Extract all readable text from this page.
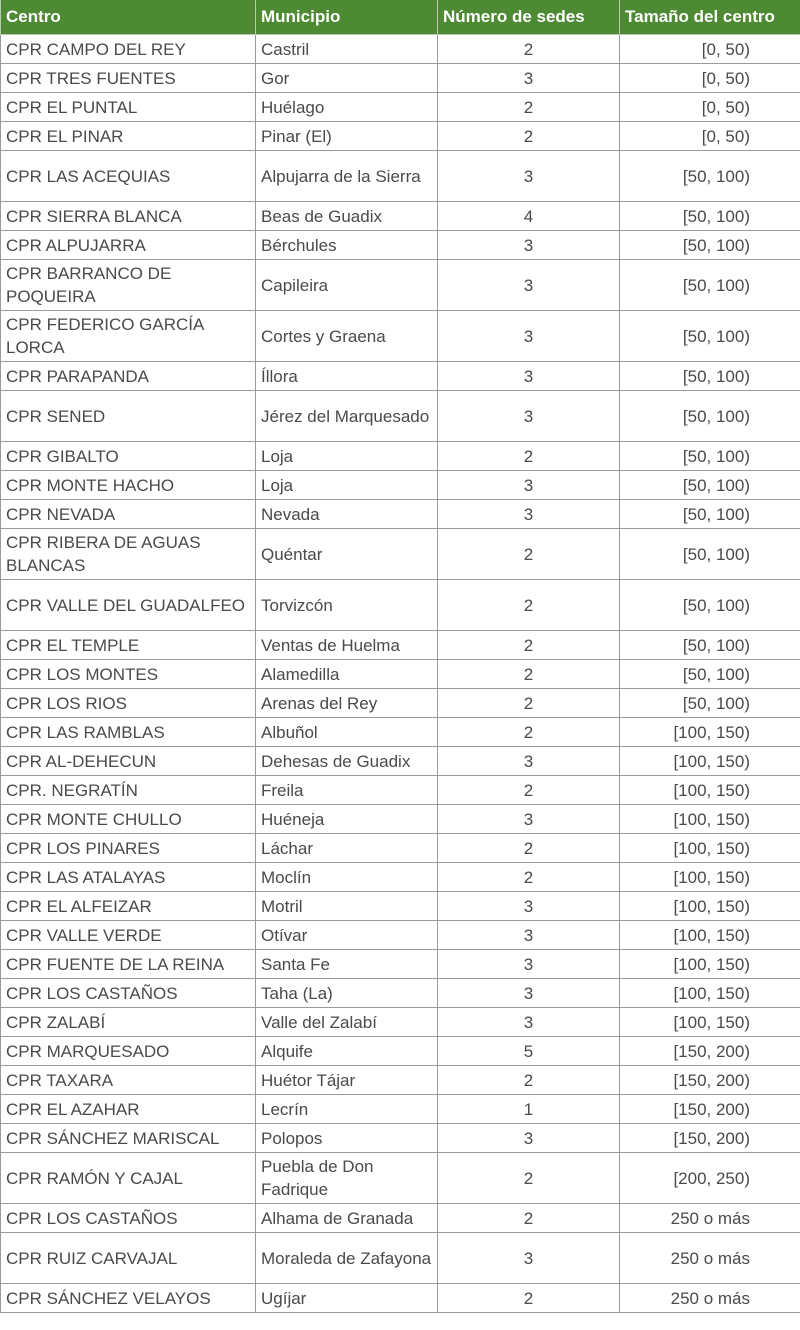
Centro	Municipio	Número de sedes	Tamaño del centro
CPR CAMPO DEL REY	Castril	2	[0, 50)
CPR TRES FUENTES	Gor	3	[0, 50)
CPR EL PUNTAL	Huélago	2	[0, 50)
CPR EL PINAR	Pinar (El)	2	[0, 50)
CPR LAS ACEQUIAS	Alpujarra de la Sierra	3	[50, 100)
CPR SIERRA BLANCA	Beas de Guadix	4	[50, 100)
CPR ALPUJARRA	Bérchules	3	[50, 100)
CPR BARRANCO DE POQUEIRA	Capileira	3	[50, 100)
CPR FEDERICO GARCÍA LORCA	Cortes y Graena	3	[50, 100)
CPR PARAPANDA	Íllora	3	[50, 100)
CPR SENED	Jérez del Marquesado	3	[50, 100)
CPR GIBALTO	Loja	2	[50, 100)
CPR MONTE HACHO	Loja	3	[50, 100)
CPR NEVADA	Nevada	3	[50, 100)
CPR RIBERA DE AGUAS BLANCAS	Quéntar	2	[50, 100)
CPR VALLE DEL GUADALFEO	Torvizcón	2	[50, 100)
CPR EL TEMPLE	Ventas de Huelma	2	[50, 100)
CPR LOS MONTES	Alamedilla	2	[50, 100)
CPR LOS RIOS	Arenas del Rey	2	[50, 100)
CPR LAS RAMBLAS	Albuñol	2	[100, 150)
CPR AL-DEHECUN	Dehesas de Guadix	3	[100, 150)
CPR. NEGRATÍN	Freila	2	[100, 150)
CPR MONTE CHULLO	Huéneja	3	[100, 150)
CPR LOS PINARES	Láchar	2	[100, 150)
CPR LAS ATALAYAS	Moclín	2	[100, 150)
CPR EL ALFEIZAR	Motril	3	[100, 150)
CPR VALLE VERDE	Otívar	3	[100, 150)
CPR FUENTE DE LA REINA	Santa Fe	3	[100, 150)
CPR LOS CASTAÑOS	Taha (La)	3	[100, 150)
CPR ZALABÍ	Valle del Zalabí	3	[100, 150)
CPR MARQUESADO	Alquife	5	[150, 200)
CPR TAXARA	Huétor Tájar	2	[150, 200)
CPR EL AZAHAR	Lecrín	1	[150, 200)
CPR SÁNCHEZ MARISCAL	Polopos	3	[150, 200)
CPR RAMÓN Y CAJAL	Puebla de Don Fadrique	2	[200, 250)
CPR LOS CASTAÑOS	Alhama de Granada	2	250 o más
CPR RUIZ CARVAJAL	Moraleda de Zafayona	3	250 o más
CPR SÁNCHEZ VELAYOS	Ugíjar	2	250 o más
